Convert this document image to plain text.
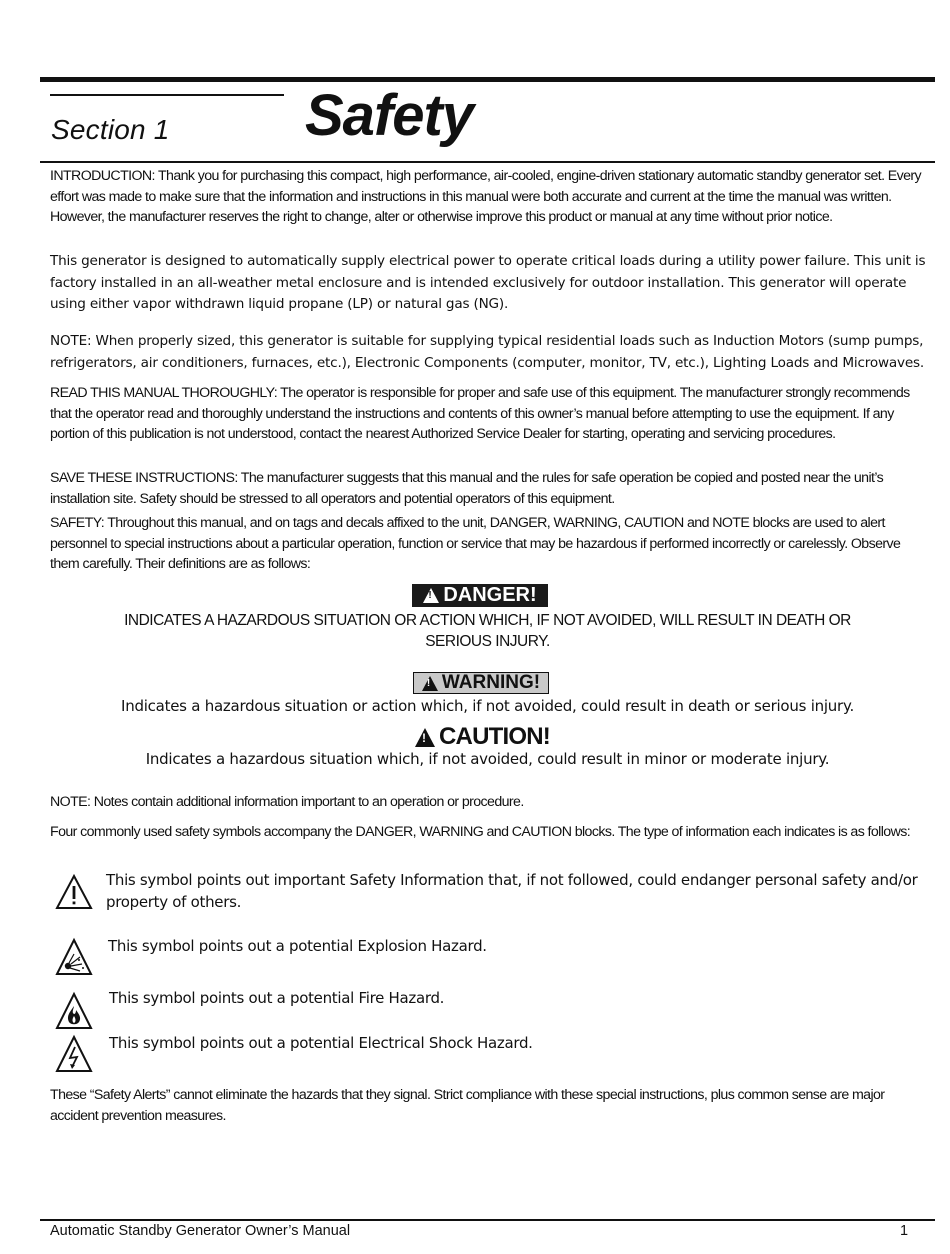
Section 1 Safety

INTRODUCTION: Thank you for purchasing this compact, high performance, air-cooled, engine-driven stationary automatic standby generator set. Every effort was made to make sure that the information and instructions in this manual were both accurate and current at the time the manual was written. However, the manufacturer reserves the right to change, alter or otherwise improve this product or manual at any time without prior notice.

This generator is designed to automatically supply electrical power to operate critical loads during a utility power failure. This unit is factory installed in an all-weather metal enclosure and is intended exclusively for outdoor installation. This generator will operate using either vapor withdrawn liquid propane (LP) or natural gas (NG).

NOTE: When properly sized, this generator is suitable for supplying typical residential loads such as Induction Motors (sump pumps, refrigerators, air conditioners, furnaces, etc.), Electronic Components (computer, monitor, TV, etc.), Lighting Loads and Microwaves.

READ THIS MANUAL THOROUGHLY: The operator is responsible for proper and safe use of this equipment. The manufacturer strongly recommends that the operator read and thoroughly understand the instructions and contents of this owner’s manual before attempting to use the equipment. If any portion of this publication is not understood, contact the nearest Authorized Service Dealer for starting, operating and servicing procedures.

SAVE THESE INSTRUCTIONS: The manufacturer suggests that this manual and the rules for safe operation be copied and posted near the unit’s installation site. Safety should be stressed to all operators and potential operators of this equipment.

SAFETY: Throughout this manual, and on tags and decals affixed to the unit, DANGER, WARNING, CAUTION and NOTE blocks are used to alert personnel to special instructions about a particular operation, function or service that may be hazardous if performed incorrectly or carelessly. Observe them carefully. Their definitions are as follows:

! DANGER!

INDICATES A HAZARDOUS SITUATION OR ACTION WHICH, IF NOT AVOIDED, WILL RESULT IN DEATH OR SERIOUS INJURY.

! WARNING!

Indicates a hazardous situation or action which, if not avoided, could result in death or serious injury.

! CAUTION!

Indicates a hazardous situation which, if not avoided, could result in minor or moderate injury.

NOTE: Notes contain additional information important to an operation or procedure.

Four commonly used safety symbols accompany the DANGER, WARNING and CAUTION blocks. The type of information each indicates is as follows:

This symbol points out important Safety Information that, if not followed, could endanger personal safety and/or property of others.

This symbol points out a potential Explosion Hazard.

This symbol points out a potential Fire Hazard.

This symbol points out a potential Electrical Shock Hazard.

These “Safety Alerts” cannot eliminate the hazards that they signal. Strict compliance with these special instructions, plus common sense are major accident prevention measures.

Automatic Standby Generator Owner’s Manual	1
